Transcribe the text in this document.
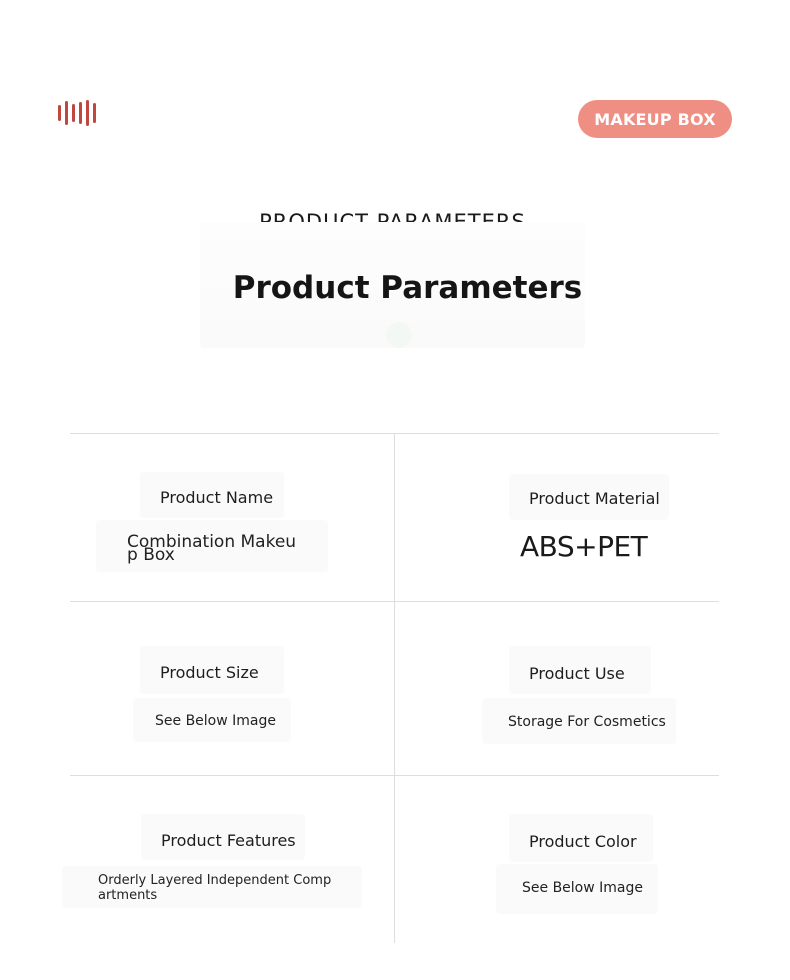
MAKEUP BOX
Product Parameters
Product Name
Combination Makeup Box
Product Material
ABS+PET
Product Size
See Below Image
Product Use
Storage For Cosmetics
Product Features
Orderly Layered Independent Compartments
Product Color
See Below Image
